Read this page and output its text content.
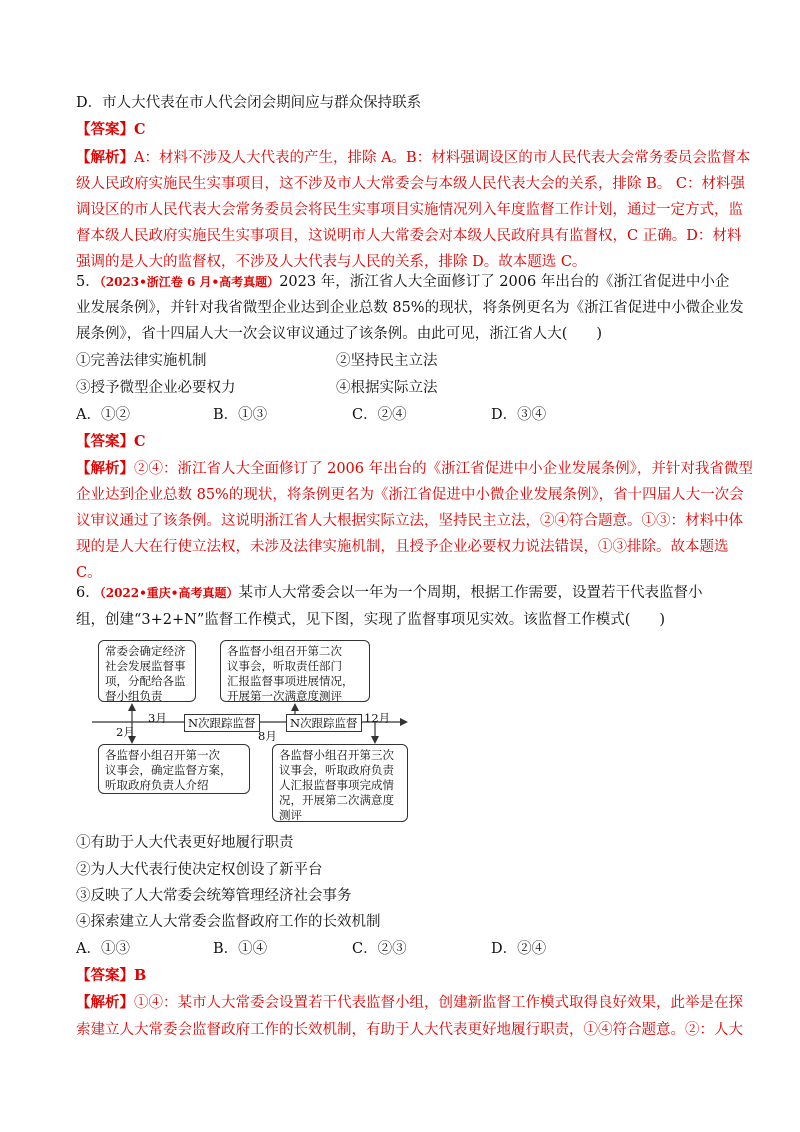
D．市人大代表在市人代会闭会期间应与群众保持联系
【答案】C
【解析】A：材料不涉及人大代表的产生，排除 A。B：材料强调设区的市人民代表大会常务委员会监督本
级人民政府实施民生实事项目，这不涉及市人大常委会与本级人民代表大会的关系，排除 B。 C：材料强
调设区的市人民代表大会常务委员会将民生实事项目实施情况列入年度监督工作计划，通过一定方式，监
督本级人民政府实施民生实事项目，这说明市人大常委会对本级人民政府具有监督权，C 正确。D：材料
强调的是人大的监督权，不涉及人大代表与人民的关系，排除 D。故本题选 C。
5．（2023•浙江卷 6 月•高考真题）2023 年，浙江省人大全面修订了 2006 年出台的《浙江省促进中小企
业发展条例》，并针对我省微型企业达到企业总数 85%的现状，将条例更名为《浙江省促进中小微企业发
展条例》，省十四届人大一次会议审议通过了该条例。由此可见，浙江省人大(　　)
①完善法律实施机制	②坚持民主立法
③授予微型企业必要权力	④根据实际立法
A．①②	B．①③	C．②④	D．③④
【答案】C
【解析】②④：浙江省人大全面修订了 2006 年出台的《浙江省促进中小企业发展条例》，并针对我省微型
企业达到企业总数 85%的现状，将条例更名为《浙江省促进中小微企业发展条例》，省十四届人大一次会
议审议通过了该条例。这说明浙江省人大根据实际立法，坚持民主立法，②④符合题意。①③：材料中体
现的是人大在行使立法权，未涉及法律实施机制，且授予企业必要权力说法错误，①③排除。故本题选
C。
6．（2022•重庆•高考真题）某市人大常委会以一年为一个周期，根据工作需要，设置若干代表监督小
组，创建“3+2+N”监督工作模式，见下图，实现了监督事项见实效。该监督工作模式(　　)
常委会确定经济
社会发展监督事
项，分配给各监
督小组负责
各监督小组召开第二次
议事会，听取责任部门
汇报监督事项进展情况，
开展第一次满意度测评
3月	N次跟踪监督	N次跟踪监督 12月
2月	8月
各监督小组召开第一次
议事会，确定监督方案，
听取政府负责人介绍
各监督小组召开第三次
议事会，听取政府负责
人汇报监督事项完成情
况，开展第二次满意度
测评
①有助于人大代表更好地履行职责
②为人大代表行使决定权创设了新平台
③反映了人大常委会统筹管理经济社会事务
④探索建立人大常委会监督政府工作的长效机制
A．①③	B．①④	C．②③	D．②④
【答案】B
【解析】①④：某市人大常委会设置若干代表监督小组，创建新监督工作模式取得良好效果，此举是在探
索建立人大常委会监督政府工作的长效机制，有助于人大代表更好地履行职责，①④符合题意。②：人大
